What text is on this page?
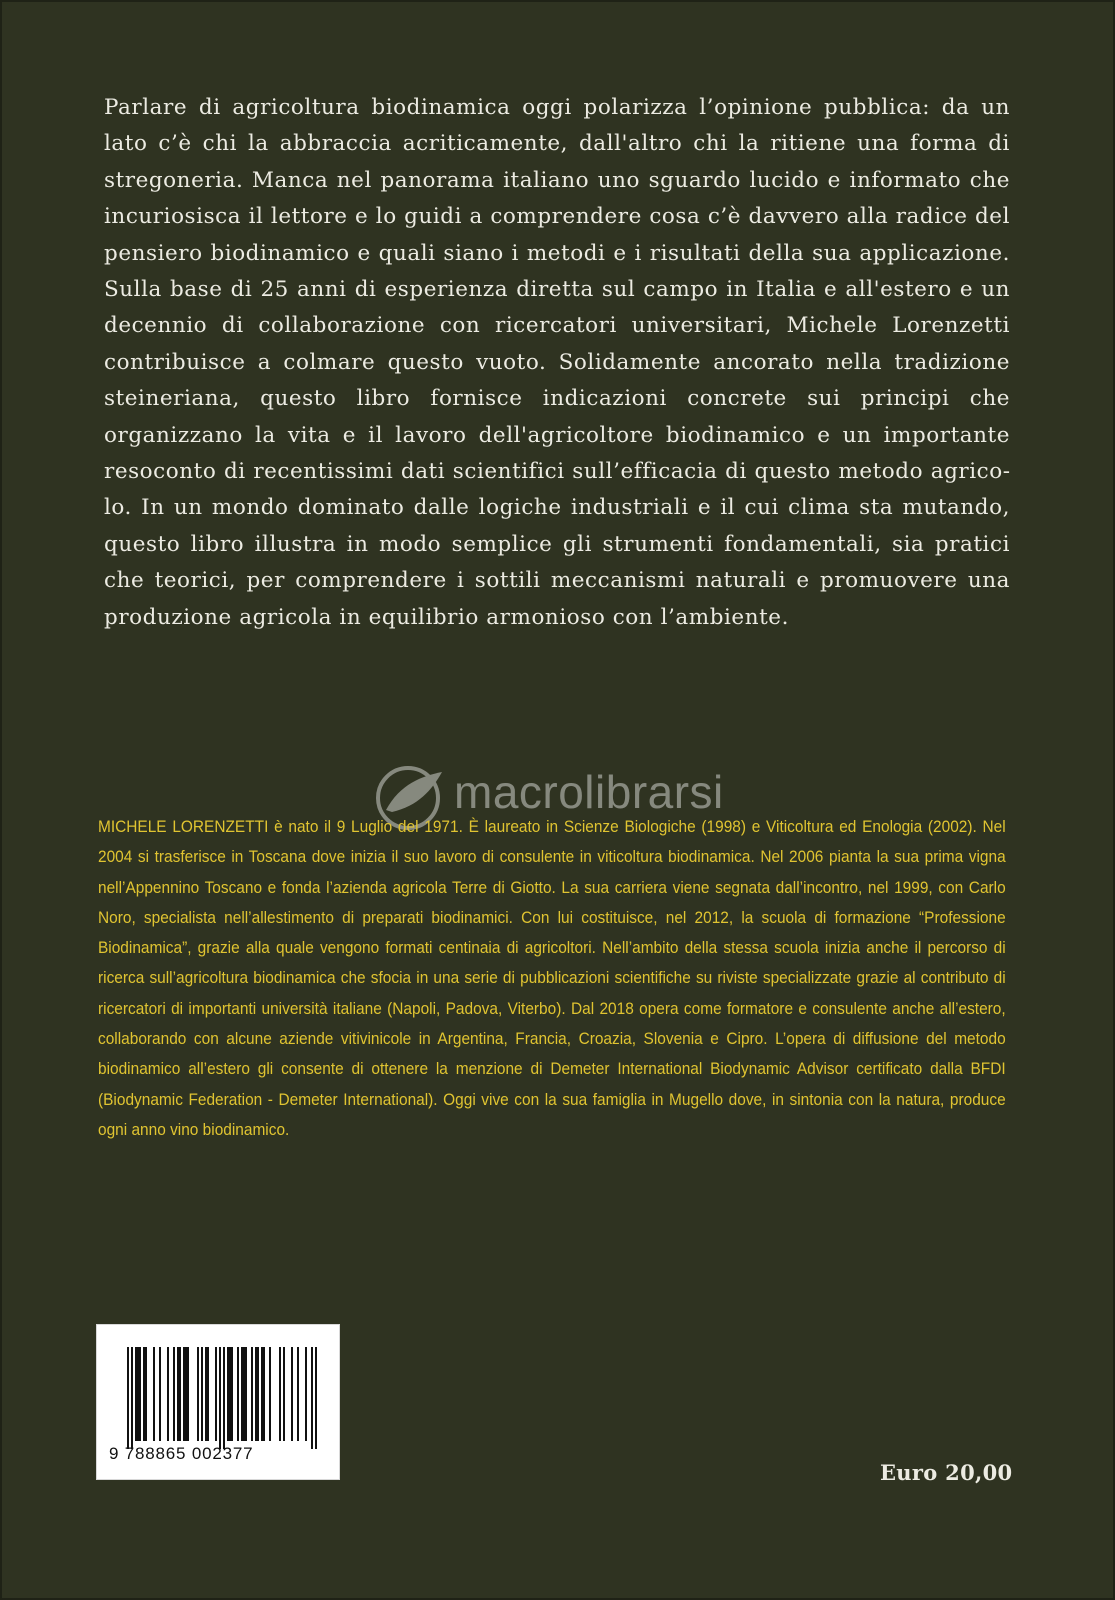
Parlare di agricoltura biodinamica oggi polarizza l’opinione pubblica: da un lato c’è chi la abbraccia acriticamente, dall'altro chi la ritiene una forma di stregoneria. Manca nel panorama italiano uno sguardo lucido e informato che incuriosisca il lettore e lo guidi a comprendere cosa c’è davvero alla radice del pensiero biodinamico e quali siano i metodi e i risultati della sua applicazione. Sulla base di 25 anni di esperienza diretta sul campo in Italia e all'estero e un decennio di collaborazione con ricercatori universitari, Michele Lorenzetti contribuisce a colmare questo vuoto. Solidamente ancorato nella tradizione steineriana, questo libro fornisce indicazioni concrete sui principi che organizzano la vita e il lavoro dell'agricoltore biodinamico e un importante resoconto di recentissimi dati scientifici sull’efficacia di questo metodo agricolo. In un mondo dominato dalle logiche industriali e il cui clima sta mutando, questo libro illustra in modo semplice gli strumenti fondamentali, sia pratici che teorici, per comprendere i sottili meccanismi naturali e promuovere una produzione agricola in equilibrio armonioso con l’ambiente.

macrolibrarsi

MICHELE LORENZETTI è nato il 9 Luglio del 1971. È laureato in Scienze Biologiche (1998) e Viticoltura ed Enologia (2002). Nel 2004 si trasferisce in Toscana dove inizia il suo lavoro di consulente in viticoltura biodinamica. Nel 2006 pianta la sua prima vigna nell’Appennino Toscano e fonda l’azienda agricola Terre di Giotto. La sua carriera viene segnata dall’incontro, nel 1999, con Carlo Noro, specialista nell’allestimento di preparati biodinamici. Con lui costituisce, nel 2012, la scuola di formazione “Professione Biodinamica”, grazie alla quale vengono formati centinaia di agricoltori. Nell’ambito della stessa scuola inizia anche il percorso di ricerca sull’agricoltura biodinamica che sfocia in una serie di pubblicazioni scientifiche su riviste specializzate grazie al contributo di ricercatori di importanti università italiane (Napoli, Padova, Viterbo). Dal 2018 opera come formatore e consulente anche all’estero, collaborando con alcune aziende vitivinicole in Argentina, Francia, Croazia, Slovenia e Cipro. L’opera di diffusione del metodo biodinamico all’estero gli consente di ottenere la menzione di Demeter International Biodynamic Advisor certificato dalla BFDI (Biodynamic Federation - Demeter International). Oggi vive con la sua famiglia in Mugello dove, in sintonia con la natura, produce ogni anno vino biodinamico.

9 788865 002377
Euro 20,00
